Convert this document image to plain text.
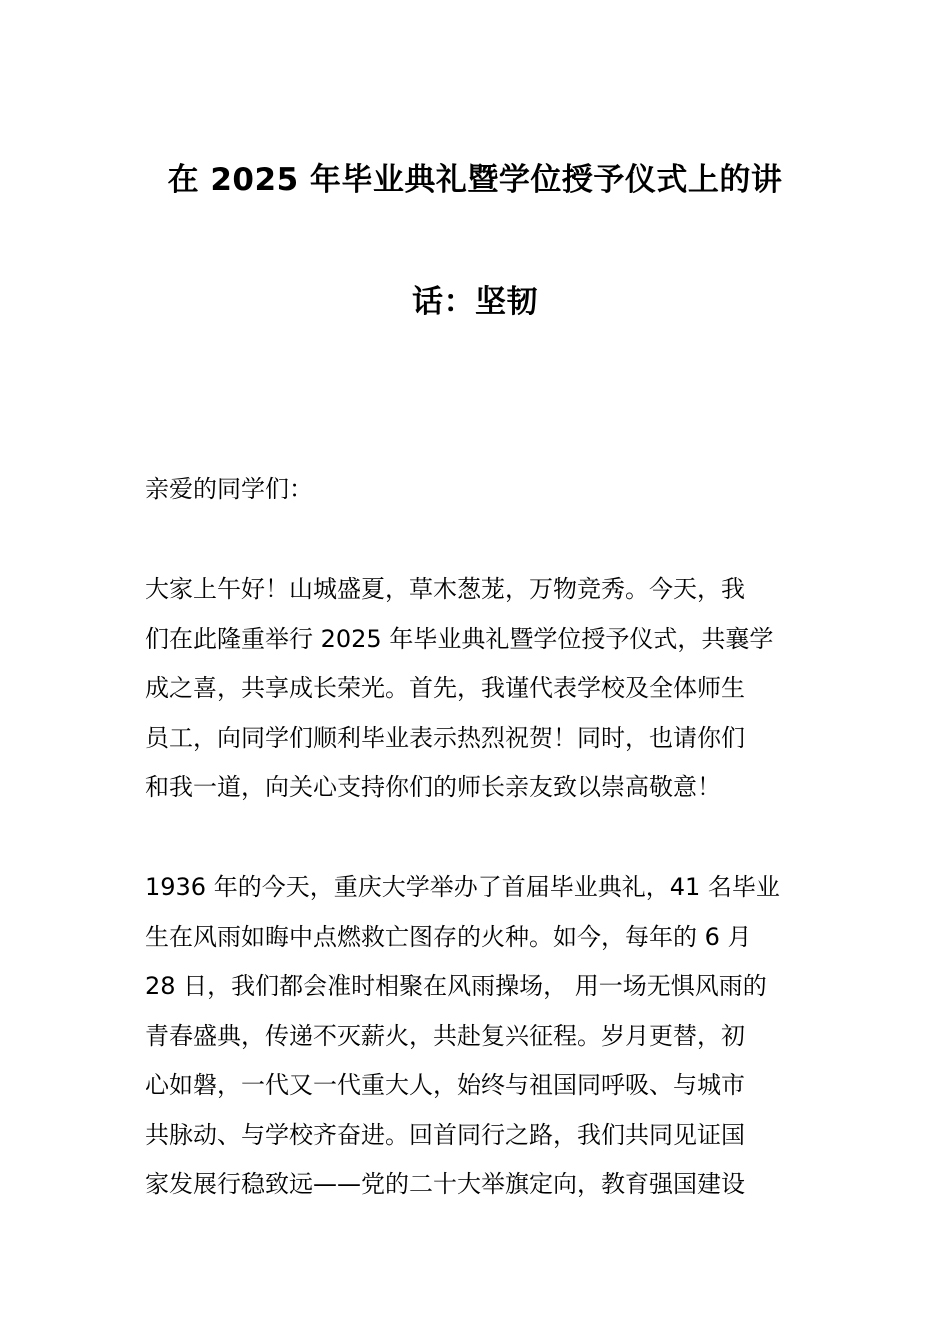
在 2025 年毕业典礼暨学位授予仪式上的讲
话：坚韧
亲爱的同学们：
大家上午好！山城盛夏，草木葱茏，万物竞秀。今天，我
们在此隆重举行 2025 年毕业典礼暨学位授予仪式，共襄学
成之喜，共享成长荣光。首先，我谨代表学校及全体师生
员工，向同学们顺利毕业表示热烈祝贺！同时，也请你们
和我一道，向关心支持你们的师长亲友致以崇高敬意！
1936 年的今天，重庆大学举办了首届毕业典礼，41 名毕业
生在风雨如晦中点燃救亡图存的火种。如今，每年的 6 月
28 日，我们都会准时相聚在风雨操场， 用一场无惧风雨的
青春盛典，传递不灭薪火，共赴复兴征程。岁月更替，初
心如磐，一代又一代重大人，始终与祖国同呼吸、与城市
共脉动、与学校齐奋进。回首同行之路，我们共同见证国
家发展行稳致远——党的二十大举旗定向，教育强国建设
